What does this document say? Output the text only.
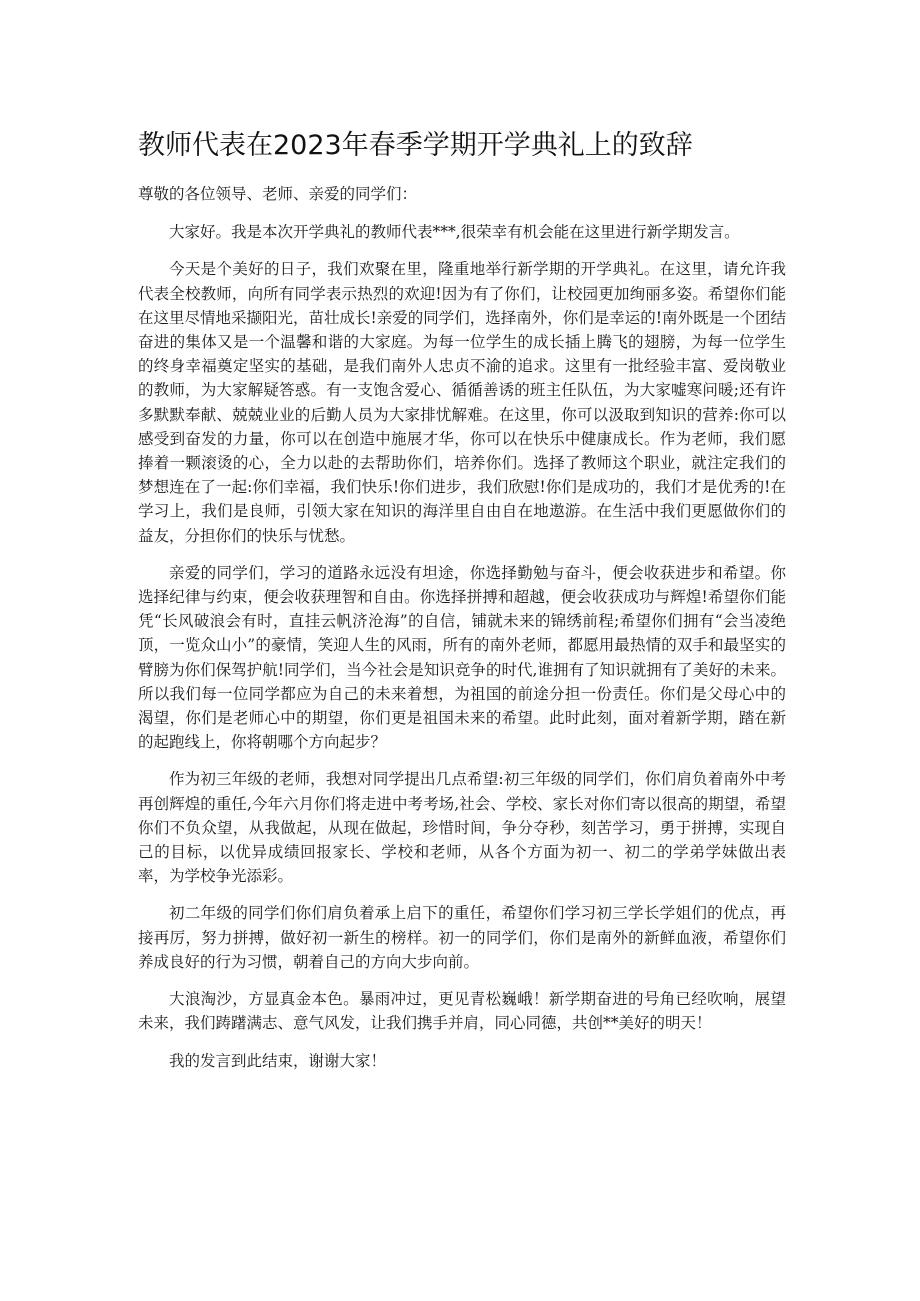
教师代表在2023年春季学期开学典礼上的致辞

尊敬的各位领导、老师、亲爱的同学们：

大家好。我是本次开学典礼的教师代表***,很荣幸有机会能在这里进行新学期发言。

今天是个美好的日子，我们欢聚在里，隆重地举行新学期的开学典礼。在这里，请允许我代表全校教师，向所有同学表示热烈的欢迎!因为有了你们，让校园更加绚丽多姿。希望你们能在这里尽情地采撷阳光，苗壮成长!亲爱的同学们，选择南外，你们是幸运的!南外既是一个团结奋进的集体又是一个温馨和谐的大家庭。为每一位学生的成长插上腾飞的翅膀，为每一位学生的终身幸福奠定坚实的基础，是我们南外人忠贞不渝的追求。这里有一批经验丰富、爱岗敬业的教师，为大家解疑答惑。有一支饱含爱心、循循善诱的班主任队伍，为大家嘘寒问暖;还有许多默默奉献、兢兢业业的后勤人员为大家排忧解难。在这里，你可以汲取到知识的营养:你可以感受到奋发的力量，你可以在创造中施展才华，你可以在快乐中健康成长。作为老师，我们愿捧着一颗滚烫的心，全力以赴的去帮助你们，培养你们。选择了教师这个职业，就注定我们的梦想连在了一起:你们幸福，我们快乐!你们进步，我们欣慰!你们是成功的，我们才是优秀的!在学习上，我们是良师，引领大家在知识的海洋里自由自在地遨游。在生活中我们更愿做你们的益友，分担你们的快乐与忧愁。

亲爱的同学们，学习的道路永远没有坦途，你选择勤勉与奋斗，便会收获进步和希望。你选择纪律与约束，便会收获理智和自由。你选择拼搏和超越，便会收获成功与辉煌!希望你们能凭“长风破浪会有时，直挂云帆济沧海”的自信，铺就未来的锦绣前程;希望你们拥有“会当凌绝顶，一览众山小”的豪情，笑迎人生的风雨，所有的南外老师，都愿用最热情的双手和最坚实的臂膀为你们保驾护航!同学们，当今社会是知识竞争的时代,谁拥有了知识就拥有了美好的未来。所以我们每一位同学都应为自己的未来着想，为祖国的前途分担一份责任。你们是父母心中的渴望，你们是老师心中的期望，你们更是祖国未来的希望。此时此刻，面对着新学期，踏在新的起跑线上，你将朝哪个方向起步？

作为初三年级的老师，我想对同学提出几点希望:初三年级的同学们，你们肩负着南外中考再创辉煌的重任,今年六月你们将走进中考考场,社会、学校、家长对你们寄以很高的期望，希望你们不负众望，从我做起，从现在做起，珍惜时间，争分夺秒，刻苦学习，勇于拼搏，实现自己的目标，以优异成绩回报家长、学校和老师，从各个方面为初一、初二的学弟学妹做出表率，为学校争光添彩。

初二年级的同学们你们肩负着承上启下的重任，希望你们学习初三学长学姐们的优点，再接再厉，努力拼搏，做好初一新生的榜样。初一的同学们，你们是南外的新鲜血液，希望你们养成良好的行为习惯，朝着自己的方向大步向前。

大浪淘沙，方显真金本色。暴雨冲过，更见青松巍峨！新学期奋进的号角已经吹响，展望未来，我们踌躇满志、意气风发，让我们携手并肩，同心同德，共创**美好的明天！

我的发言到此结束，谢谢大家！
